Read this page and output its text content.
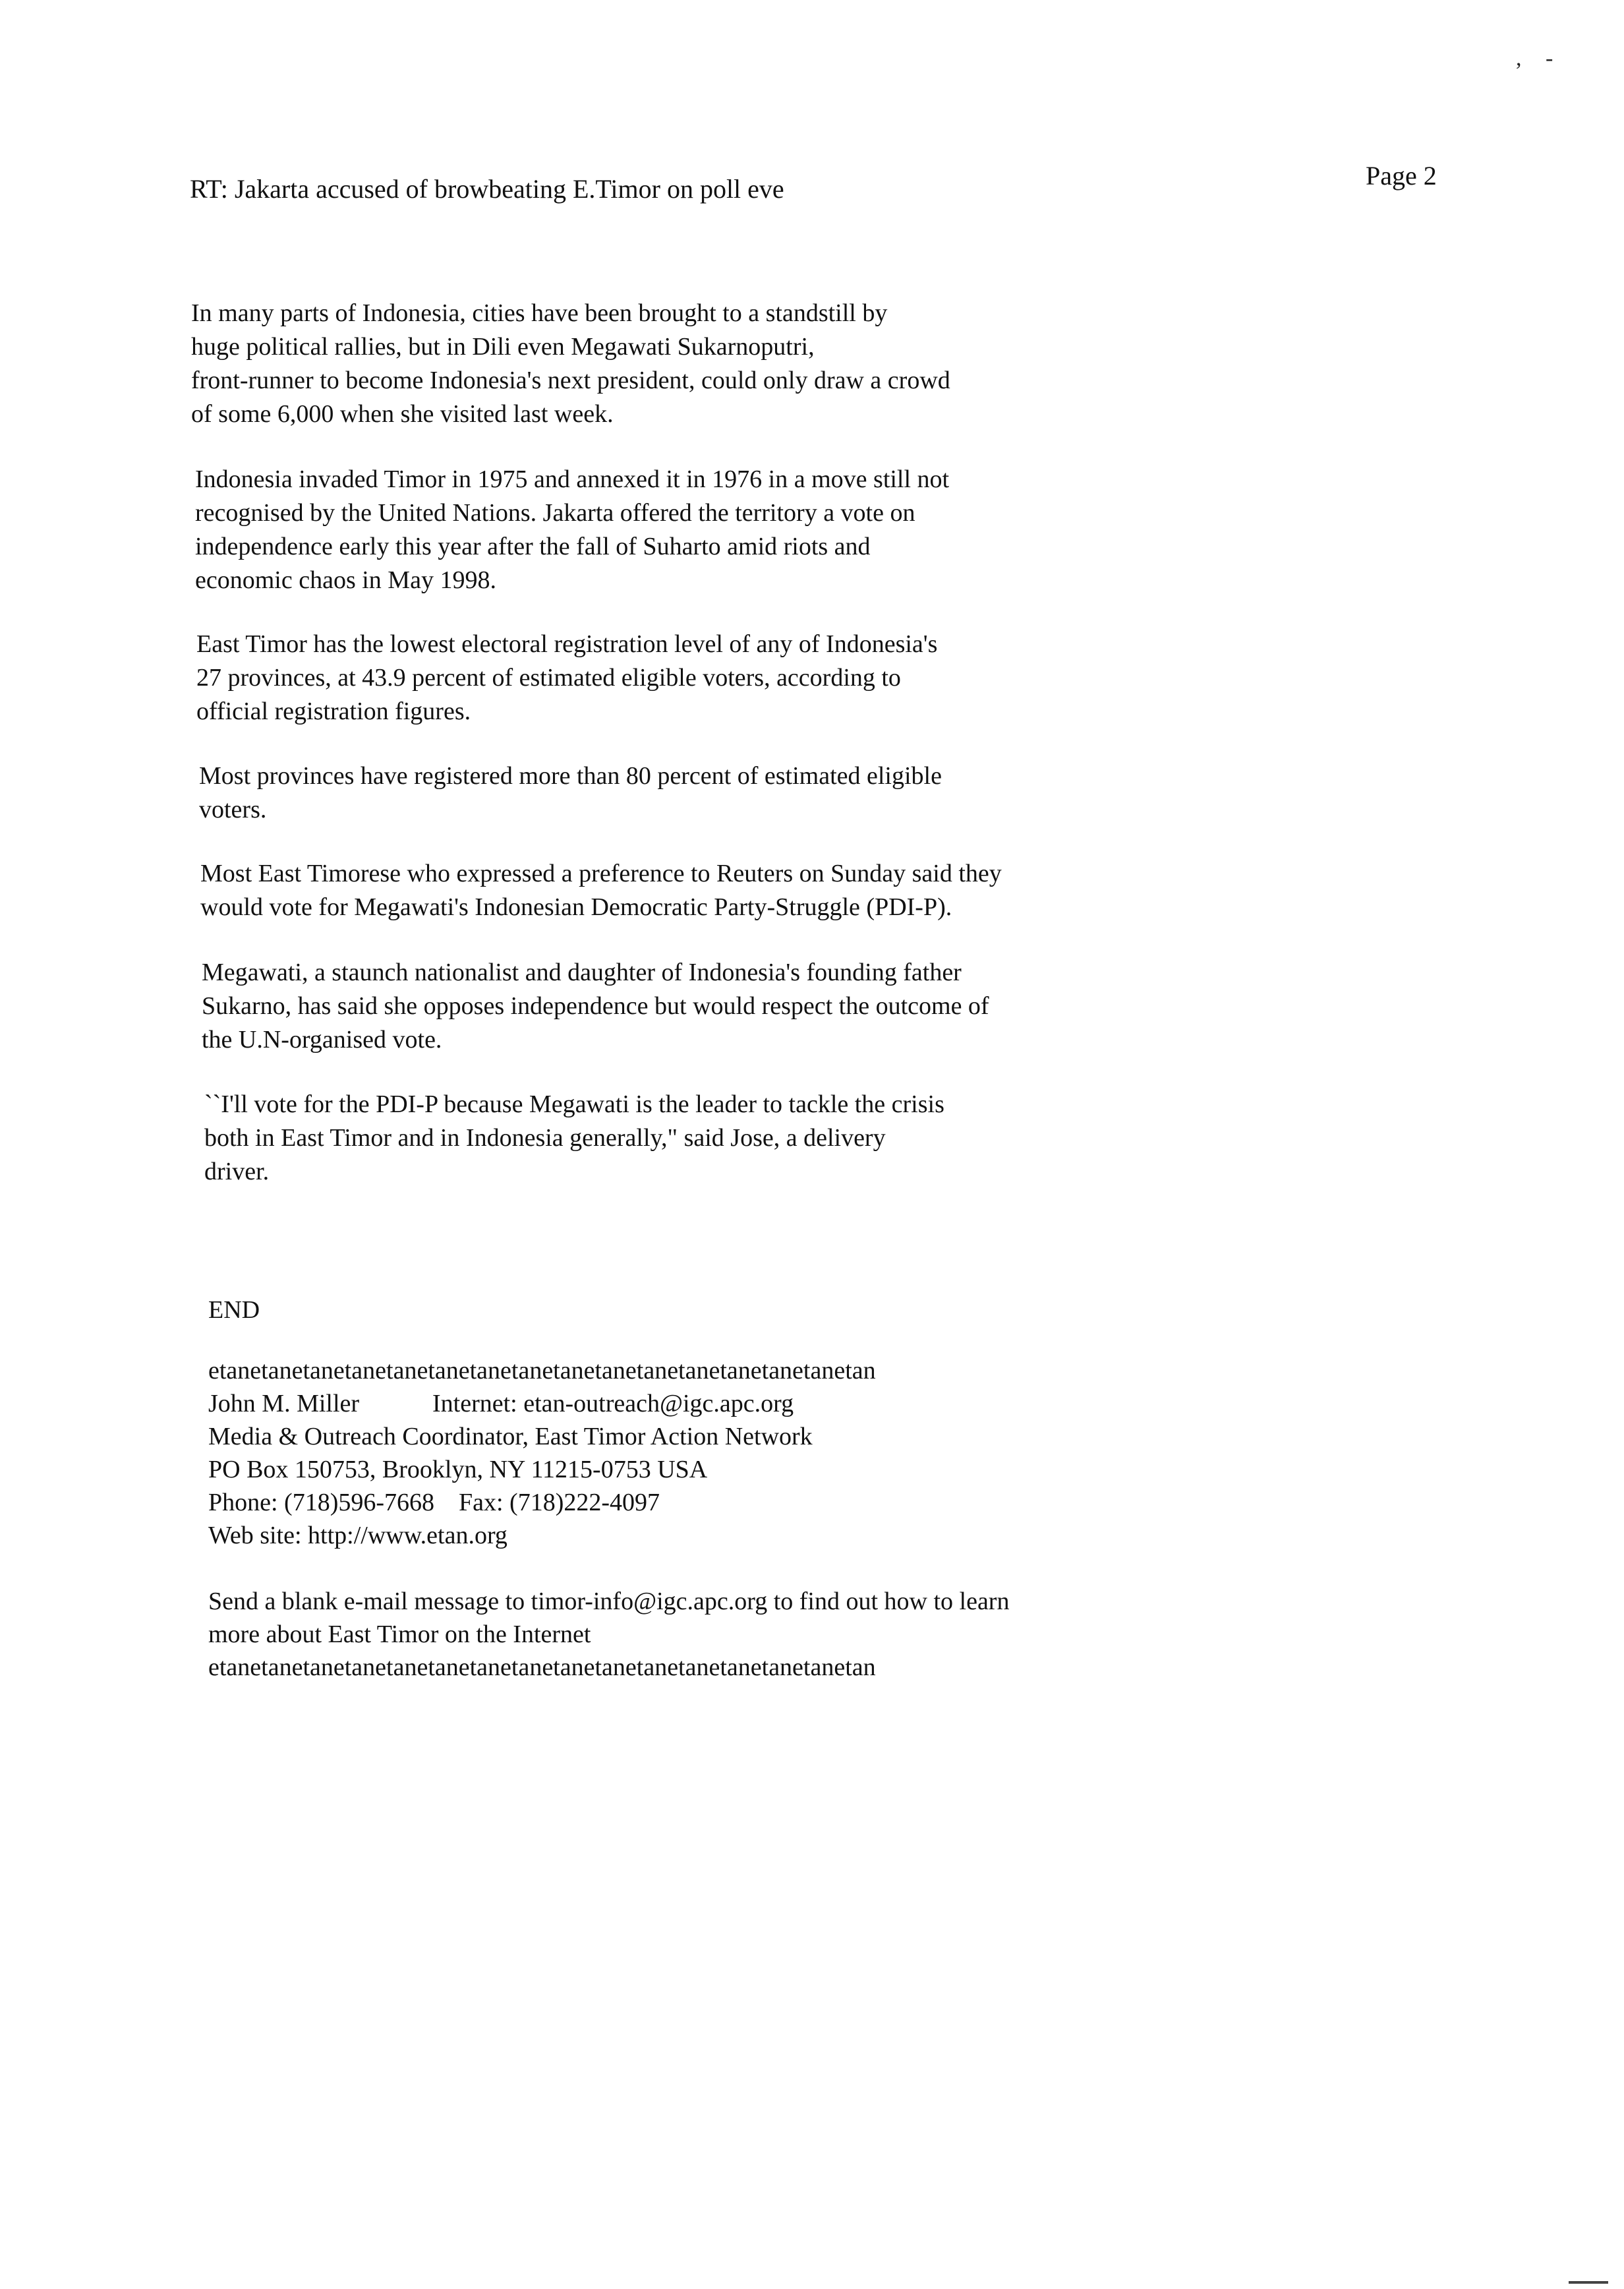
, -
RT: Jakarta accused of browbeating E.Timor on poll eve	Page 2
In many parts of Indonesia, cities have been brought to a standstill by
huge political rallies, but in Dili even Megawati Sukarnoputri,
front-runner to become Indonesia's next president, could only draw a crowd
of some 6,000 when she visited last week.
Indonesia invaded Timor in 1975 and annexed it in 1976 in a move still not
recognised by the United Nations. Jakarta offered the territory a vote on
independence early this year after the fall of Suharto amid riots and
economic chaos in May 1998.
East Timor has the lowest electoral registration level of any of Indonesia's
27 provinces, at 43.9 percent of estimated eligible voters, according to
official registration figures.
Most provinces have registered more than 80 percent of estimated eligible
voters.
Most East Timorese who expressed a preference to Reuters on Sunday said they
would vote for Megawati's Indonesian Democratic Party-Struggle (PDI-P).
Megawati, a staunch nationalist and daughter of Indonesia's founding father
Sukarno, has said she opposes independence but would respect the outcome of
the U.N-organised vote.
``I'll vote for the PDI-P because Megawati is the leader to tackle the crisis
both in East Timor and in Indonesia generally," said Jose, a delivery
driver.
END
etanetanetanetanetanetanetanetanetanetanetanetanetanetanetanetan
John M. Miller	Internet: etan-outreach@igc.apc.org
Media & Outreach Coordinator, East Timor Action Network
PO Box 150753, Brooklyn, NY 11215-0753 USA
Phone: (718)596-7668 Fax: (718)222-4097
Web site: http://www.etan.org
Send a blank e-mail message to timor-info@igc.apc.org to find out how to learn
more about East Timor on the Internet
etanetanetanetanetanetanetanetanetanetanetanetanetanetanetanetan
